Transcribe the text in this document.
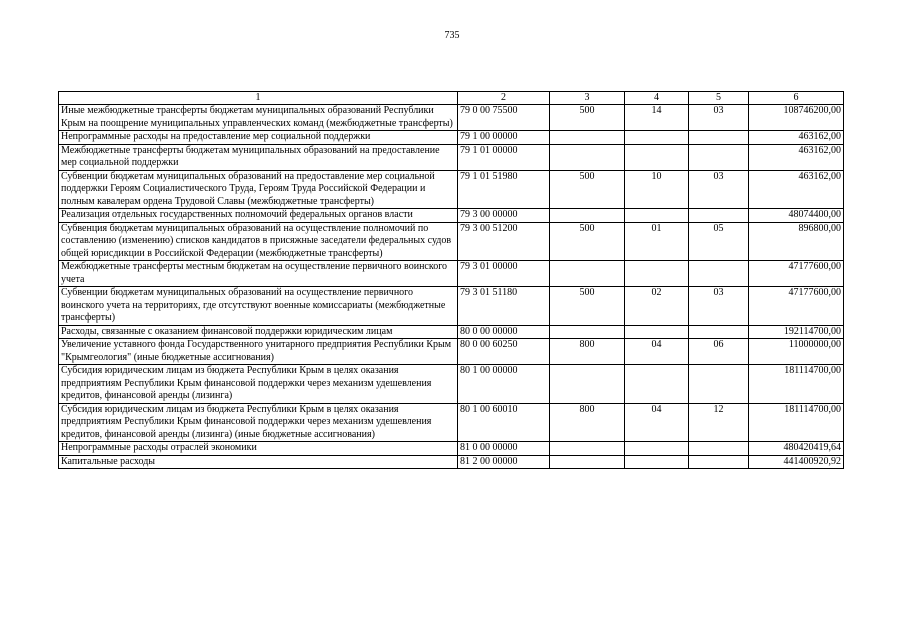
735
1	2	3	4	5	6
Иные межбюджетные трансферты бюджетам муниципальных образований Республики Крым на поощрение муниципальных управленческих команд (межбюджетные трансферты)	79 0 00 75500	500	14	03	108746200,00
Непрограммные расходы на предоставление мер социальной поддержки	79 1 00 00000				463162,00
Межбюджетные трансферты бюджетам муниципальных образований на предоставление мер социальной поддержки	79 1 01 00000				463162,00
Субвенции бюджетам муниципальных образований на предоставление мер социальной поддержки Героям Социалистического Труда, Героям Труда Российской Федерации и полным кавалерам ордена Трудовой Славы (межбюджетные трансферты)	79 1 01 51980	500	10	03	463162,00
Реализация отдельных государственных полномочий федеральных органов власти	79 3 00 00000				48074400,00
Субвенция бюджетам муниципальных образований на осуществление полномочий по составлению (изменению) списков кандидатов в присяжные заседатели федеральных судов общей юрисдикции в Российской Федерации (межбюджетные трансферты)	79 3 00 51200	500	01	05	896800,00
Межбюджетные трансферты местным бюджетам на осуществление первичного воинского учета	79 3 01 00000				47177600,00
Субвенции бюджетам муниципальных образований на осуществление первичного воинского учета на территориях, где отсутствуют военные комиссариаты (межбюджетные трансферты)	79 3 01 51180	500	02	03	47177600,00
Расходы, связанные с оказанием финансовой поддержки юридическим лицам	80 0 00 00000				192114700,00
Увеличение уставного фонда Государственного унитарного предприятия Республики Крым "Крымгеология" (иные бюджетные ассигнования)	80 0 00 60250	800	04	06	11000000,00
Субсидия юридическим лицам из бюджета Республики Крым в целях оказания предприятиям Республики Крым финансовой поддержки через механизм удешевления кредитов, финансовой аренды (лизинга)	80 1 00 00000				181114700,00
Субсидия юридическим лицам из бюджета Республики Крым в целях оказания предприятиям Республики Крым финансовой поддержки через механизм удешевления кредитов, финансовой аренды (лизинга) (иные бюджетные ассигнования)	80 1 00 60010	800	04	12	181114700,00
Непрограммные расходы отраслей экономики	81 0 00 00000				480420419,64
Капитальные расходы	81 2 00 00000				441400920,92
